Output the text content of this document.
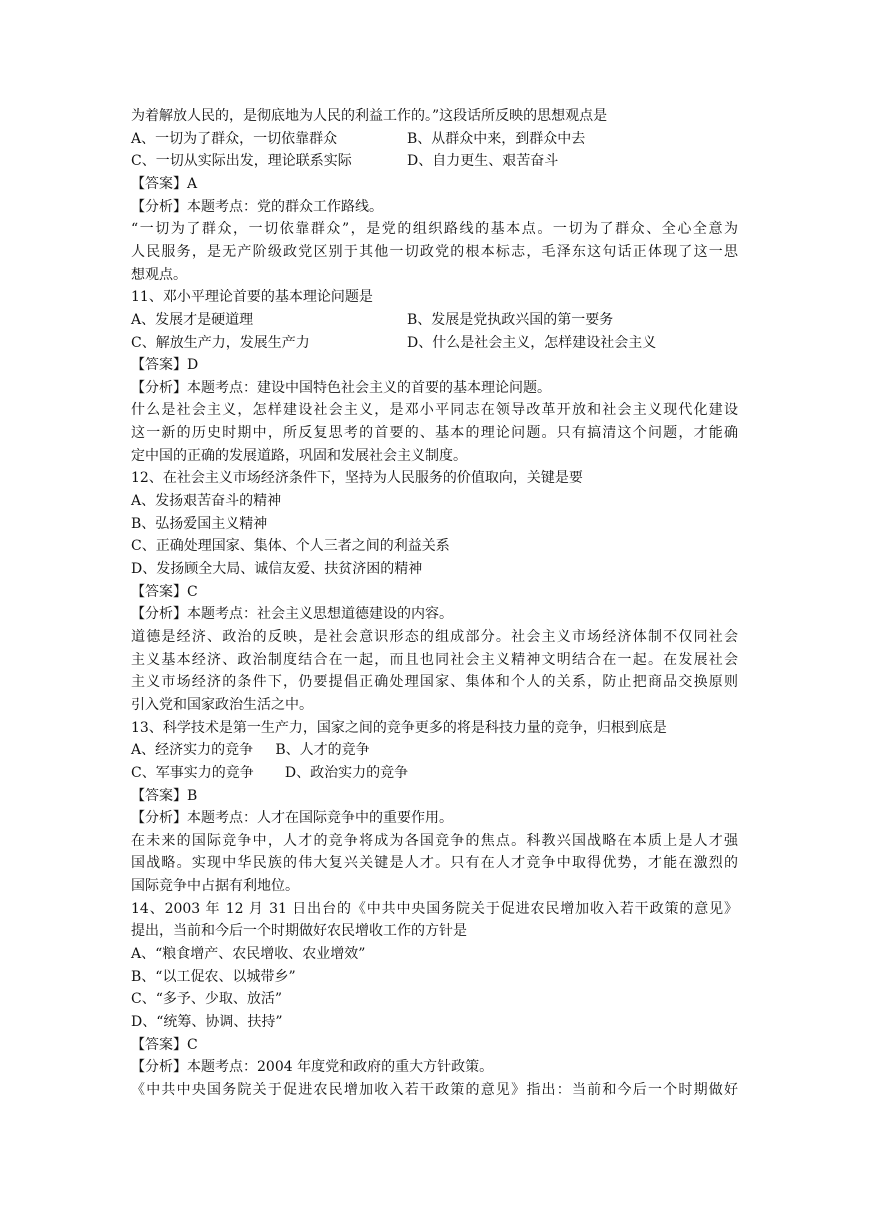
为着解放人民的，是彻底地为人民的利益工作的。”这段话所反映的思想观点是
A、一切为了群众，一切依靠群众	B、从群众中来，到群众中去
C、一切从实际出发，理论联系实际	D、自力更生、艰苦奋斗
【答案】A
【分析】本题考点：党的群众工作路线。
“一切为了群众，一切依靠群众”，是党的组织路线的基本点。一切为了群众、全心全意为
人民服务，是无产阶级政党区别于其他一切政党的根本标志，毛泽东这句话正体现了这一思
想观点。
11、邓小平理论首要的基本理论问题是
A、发展才是硬道理	B、发展是党执政兴国的第一要务
C、解放生产力，发展生产力	D、什么是社会主义，怎样建设社会主义
【答案】D
【分析】本题考点：建设中国特色社会主义的首要的基本理论问题。
什么是社会主义，怎样建设社会主义，是邓小平同志在领导改革开放和社会主义现代化建设
这一新的历史时期中，所反复思考的首要的、基本的理论问题。只有搞清这个问题，才能确
定中国的正确的发展道路，巩固和发展社会主义制度。
12、在社会主义市场经济条件下，坚持为人民服务的价值取向，关键是要
A、发扬艰苦奋斗的精神
B、弘扬爱国主义精神
C、正确处理国家、集体、个人三者之间的利益关系
D、发扬顾全大局、诚信友爱、扶贫济困的精神
【答案】C
【分析】本题考点：社会主义思想道德建设的内容。
道德是经济、政治的反映，是社会意识形态的组成部分。社会主义市场经济体制不仅同社会
主义基本经济、政治制度结合在一起，而且也同社会主义精神文明结合在一起。在发展社会
主义市场经济的条件下，仍要提倡正确处理国家、集体和个人的关系，防止把商品交换原则
引入党和国家政治生活之中。
13、科学技术是第一生产力，国家之间的竞争更多的将是科技力量的竞争，归根到底是
A、经济实力的竞争     B、人才的竞争
C、军事实力的竞争       D、政治实力的竞争
【答案】B
【分析】本题考点：人才在国际竞争中的重要作用。
在未来的国际竞争中，人才的竞争将成为各国竞争的焦点。科教兴国战略在本质上是人才强
国战略。实现中华民族的伟大复兴关键是人才。只有在人才竞争中取得优势，才能在激烈的
国际竞争中占据有利地位。
14、2003 年 12 月 31 日出台的《中共中央国务院关于促进农民增加收入若干政策的意见》
提出，当前和今后一个时期做好农民增收工作的方针是
A、“粮食增产、农民增收、农业增效”
B、“以工促农、以城带乡”
C、“多予、少取、放活”
D、“统筹、协调、扶持”
【答案】C
【分析】本题考点：2004 年度党和政府的重大方针政策。
《中共中央国务院关于促进农民增加收入若干政策的意见》指出：当前和今后一个时期做好
